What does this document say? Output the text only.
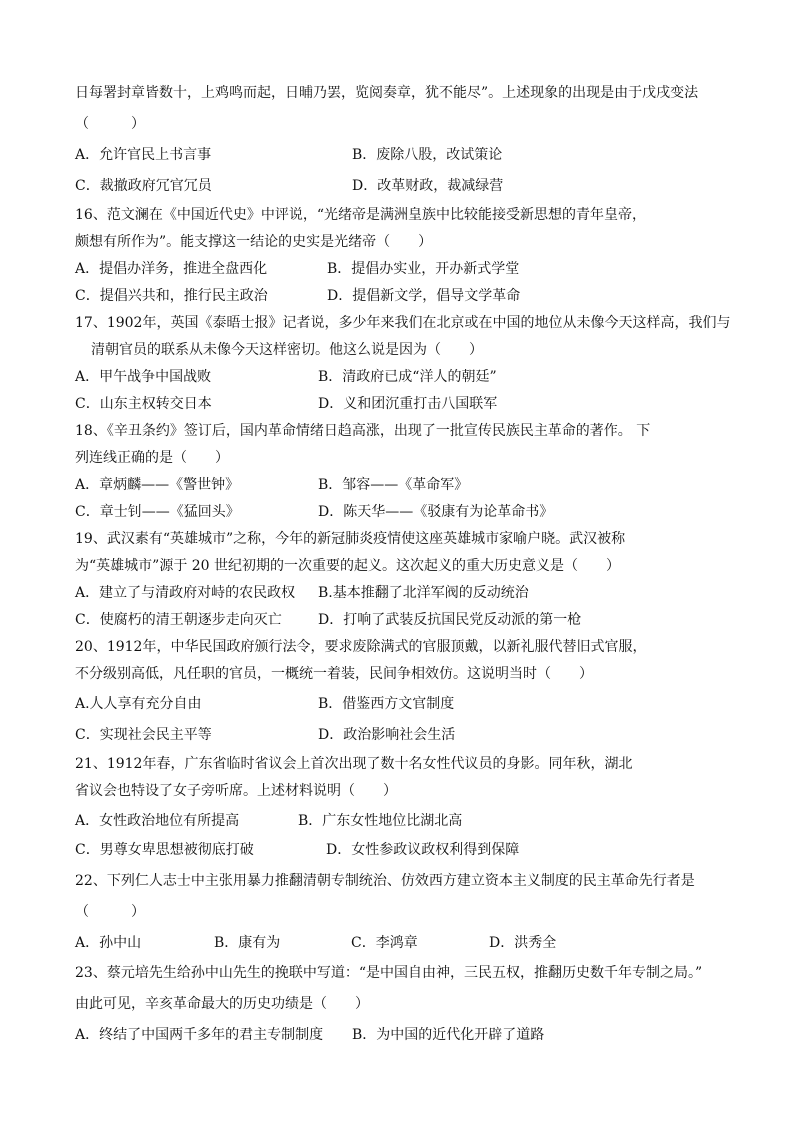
日每署封章皆数十，上鸡鸣而起，日晡乃罢，览阅奏章，犹不能尽”。上述现象的出现是由于戊戌变法
（　　　）
A．允许官民上书言事	B．废除八股，改试策论
C．裁撤政府冗官冗员	D．改革财政，裁减绿营
16、范文澜在《中国近代史》中评说，“光绪帝是满洲皇族中比较能接受新思想的青年皇帝，
颇想有所作为”。能支撑这一结论的史实是光绪帝（　　）
A．提倡办洋务，推进全盘西化	B．提倡办实业，开办新式学堂
C．提倡兴共和，推行民主政治	D．提倡新文学，倡导文学革命
17、1902年，英国《泰晤士报》记者说，多少年来我们在北京或在中国的地位从未像今天这样高，我们与
清朝官员的联系从未像今天这样密切。他这么说是因为（　　）
A．甲午战争中国战败	B．清政府已成“洋人的朝廷”
C．山东主权转交日本	D．义和团沉重打击八国联军
18、《辛丑条约》签订后，国内革命情绪日趋高涨，出现了一批宣传民族民主革命的著作。 下
列连线正确的是（　　）
A．章炳麟——《警世钟》	B．邹容——《革命军》
C．章士钊——《猛回头》	D．陈天华——《驳康有为论革命书》
19、武汉素有“英雄城市”之称，今年的新冠肺炎疫情使这座英雄城市家喻户晓。武汉被称
为“英雄城市”源于 20 世纪初期的一次重要的起义。这次起义的重大历史意义是（　　）
A．建立了与清政府对峙的农民政权 B.基本推翻了北洋军阀的反动统治
C．使腐朽的清王朝逐步走向灭亡	D．打响了武装反抗国民党反动派的第一枪
20、1912年，中华民国政府颁行法令，要求废除满式的官服顶戴，以新礼服代替旧式官服，
不分级别高低，凡任职的官员，一概统一着装，民间争相效仿。这说明当时（　　）
A.人人享有充分自由	B．借鉴西方文官制度
C．实现社会民主平等	D．政治影响社会生活
21、1912年春，广东省临时省议会上首次出现了数十名女性代议员的身影。同年秋，湖北
省议会也特设了女子旁听席。上述材料说明（　　）
A．女性政治地位有所提高	B．广东女性地位比湖北高
C．男尊女卑思想被彻底打破	D．女性参政议政权利得到保障
22、下列仁人志士中主张用暴力推翻清朝专制统治、仿效西方建立资本主义制度的民主革命先行者是
（　　　）
A．孙中山	B．康有为	C．李鸿章	D．洪秀全
23、蔡元培先生给孙中山先生的挽联中写道：“是中国自由神，三民五权，推翻历史数千年专制之局。”
由此可见，辛亥革命最大的历史功绩是（　　）
A．终结了中国两千多年的君主专制制度 B．为中国的近代化开辟了道路
